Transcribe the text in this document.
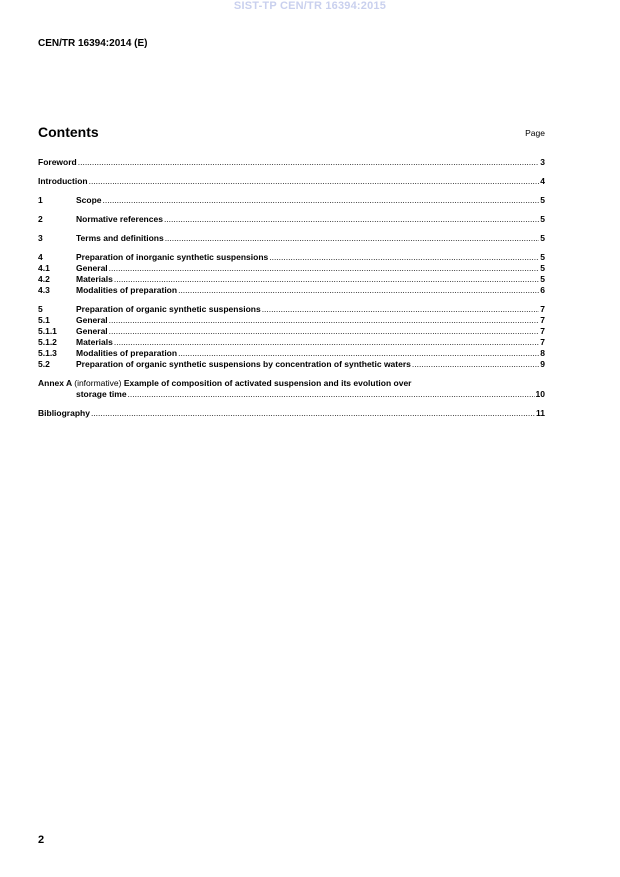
SIST-TP CEN/TR 16394:2015
CEN/TR 16394:2014 (E)
Contents	Page
Foreword .....	3
Introduction .....	4
1	Scope .....	5
2	Normative references .....	5
3	Terms and definitions .....	5
4	Preparation of inorganic synthetic suspensions .....	5
4.1	General .....	5
4.2	Materials .....	5
4.3	Modalities of preparation .....	6
5	Preparation of organic synthetic suspensions .....	7
5.1	General .....	7
5.1.1	General .....	7
5.1.2	Materials .....	7
5.1.3	Modalities of preparation .....	8
5.2	Preparation of organic synthetic suspensions by concentration of synthetic waters .....	9
Annex A (informative) Example of composition of activated suspension and its evolution over
storage time .....	10
Bibliography .....	11
2
